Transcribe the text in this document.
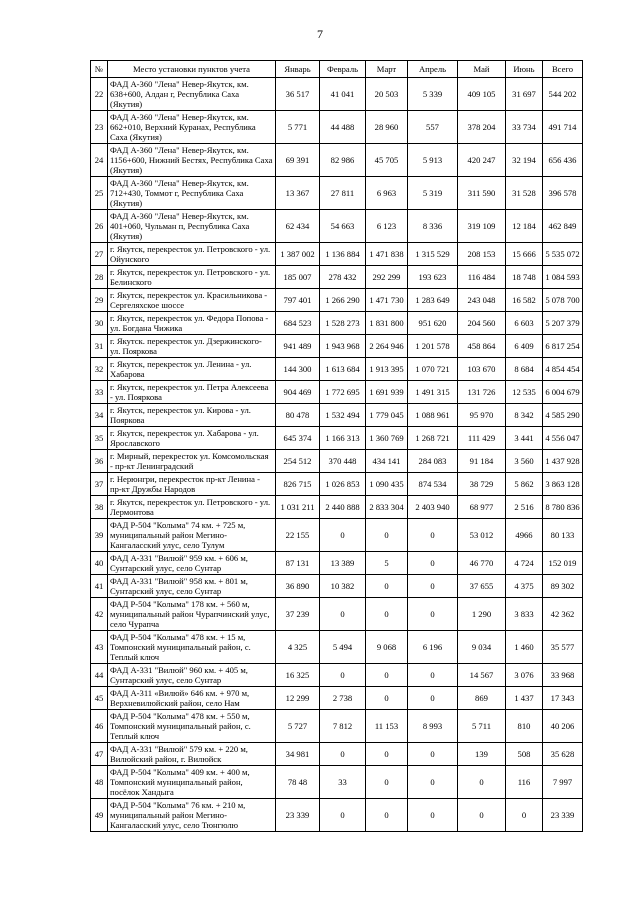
7
№	Место установки пунктов учета	Январь	Февраль	Март	Апрель	Май	Июнь	Всего
22	ФАД А-360 "Лена" Невер-Якутск, км. 638+600, Алдан г, Республика Саха (Якутия)	36 517	41 041	20 503	5 339	409 105	31 697	544 202
23	ФАД А-360 "Лена" Невер-Якутск, км. 662+010, Верхний Куранах, Республика Саха (Якутия)	5 771	44 488	28 960	557	378 204	33 734	491 714
24	ФАД А-360 "Лена" Невер-Якутск, км. 1156+600, Нижний Бестях, Республика Саха (Якутия)	69 391	82 986	45 705	5 913	420 247	32 194	656 436
25	ФАД А-360 "Лена" Невер-Якутск, км. 712+430, Томмот г, Республика Саха (Якутия)	13 367	27 811	6 963	5 319	311 590	31 528	396 578
26	ФАД А-360 "Лена" Невер-Якутск, км. 401+060, Чульман п, Республика Саха (Якутия)	62 434	54 663	6 123	8 336	319 109	12 184	462 849
27	г. Якутск, перекресток ул. Петровского - ул. Ойунского	1 387 002	1 136 884	1 471 838	1 315 529	208 153	15 666	5 535 072
28	г. Якутск, перекресток ул. Петровского - ул. Белинского	185 007	278 432	292 299	193 623	116 484	18 748	1 084 593
29	г. Якутск, перекресток ул. Красильникова - Сергеляхское шоссе	797 401	1 266 290	1 471 730	1 283 649	243 048	16 582	5 078 700
30	г. Якутск, перекресток ул. Федора Попова - ул. Богдана Чижика	684 523	1 528 273	1 831 800	951 620	204 560	6 603	5 207 379
31	г. Якутск. перекресток ул. Дзержинского- ул. Пояркова	941 489	1 943 968	2 264 946	1 201 578	458 864	6 409	6 817 254
32	г. Якутск, перекресток ул. Ленина - ул. Хабарова	144 300	1 613 684	1 913 395	1 070 721	103 670	8 684	4 854 454
33	г. Якутск, перекресток ул. Петра Алексеева - ул. Пояркова	904 469	1 772 695	1 691 939	1 491 315	131 726	12 535	6 004 679
34	г. Якутск, перекресток ул. Кирова - ул. Пояркова	80 478	1 532 494	1 779 045	1 088 961	95 970	8 342	4 585 290
35	г. Якутск, перекресток ул. Хабарова - ул. Ярославского	645 374	1 166 313	1 360 769	1 268 721	111 429	3 441	4 556 047
36	г. Мирный, перекресток ул. Комсомольская - пр-кт Ленинградский	254 512	370 448	434 141	284 083	91 184	3 560	1 437 928
37	г. Нерюнгри, перекресток пр-кт Ленина - пр-кт Дружбы Народов	826 715	1 026 853	1 090 435	874 534	38 729	5 862	3 863 128
38	г. Якутск, перекресток ул. Петровского - ул. Лермонтова	1 031 211	2 440 888	2 833 304	2 403 940	68 977	2 516	8 780 836
39	ФАД Р-504 "Колыма" 74 км. + 725 м, муниципальный район Мегино-Кангаласский улус, село Тулум	22 155	0	0	0	53 012	4966	80 133
40	ФАД А-331 "Вилюй" 959 км. + 606 м, Сунтарский улус, село Сунтар	87 131	13 389	5	0	46 770	4 724	152 019
41	ФАД А-331 "Вилюй" 958 км. + 801 м, Сунтарский улус, село Сунтар	36 890	10 382	0	0	37 655	4 375	89 302
42	ФАД Р-504 "Колыма" 178 км. + 560 м, муниципальный район Чурапчинский улус, село Чурапча	37 239	0	0	0	1 290	3 833	42 362
43	ФАД Р-504 "Колыма" 478 км. + 15 м, Томпонский муниципальный район, с. Теплый ключ	4 325	5 494	9 068	6 196	9 034	1 460	35 577
44	ФАД А-331 "Вилюй" 960 км. + 405 м, Сунтарский улус, село Сунтар	16 325	0	0	0	14 567	3 076	33 968
45	ФАД А-311 «Вилюй» 646 км. + 970 м, Верхневилюйский район, село Нам	12 299	2 738	0	0	869	1 437	17 343
46	ФАД Р-504 "Колыма" 478 км. + 550 м, Томпонский муниципальный район, с. Теплый ключ	5 727	7 812	11 153	8 993	5 711	810	40 206
47	ФАД А-331 "Вилюй" 579 км. + 220 м, Вилюйский район, г. Вилюйск	34 981	0	0	0	139	508	35 628
48	ФАД Р-504 "Колыма" 409 км. + 400 м, Томпонский муниципальный район, посёлок Хандыга	78 48	33	0	0	0	116	7 997
49	ФАД Р-504 "Колыма" 76 км. + 210 м, муниципальный район Мегино-Кангаласский улус, село Тюнгюлю	23 339	0	0	0	0	0	23 339
